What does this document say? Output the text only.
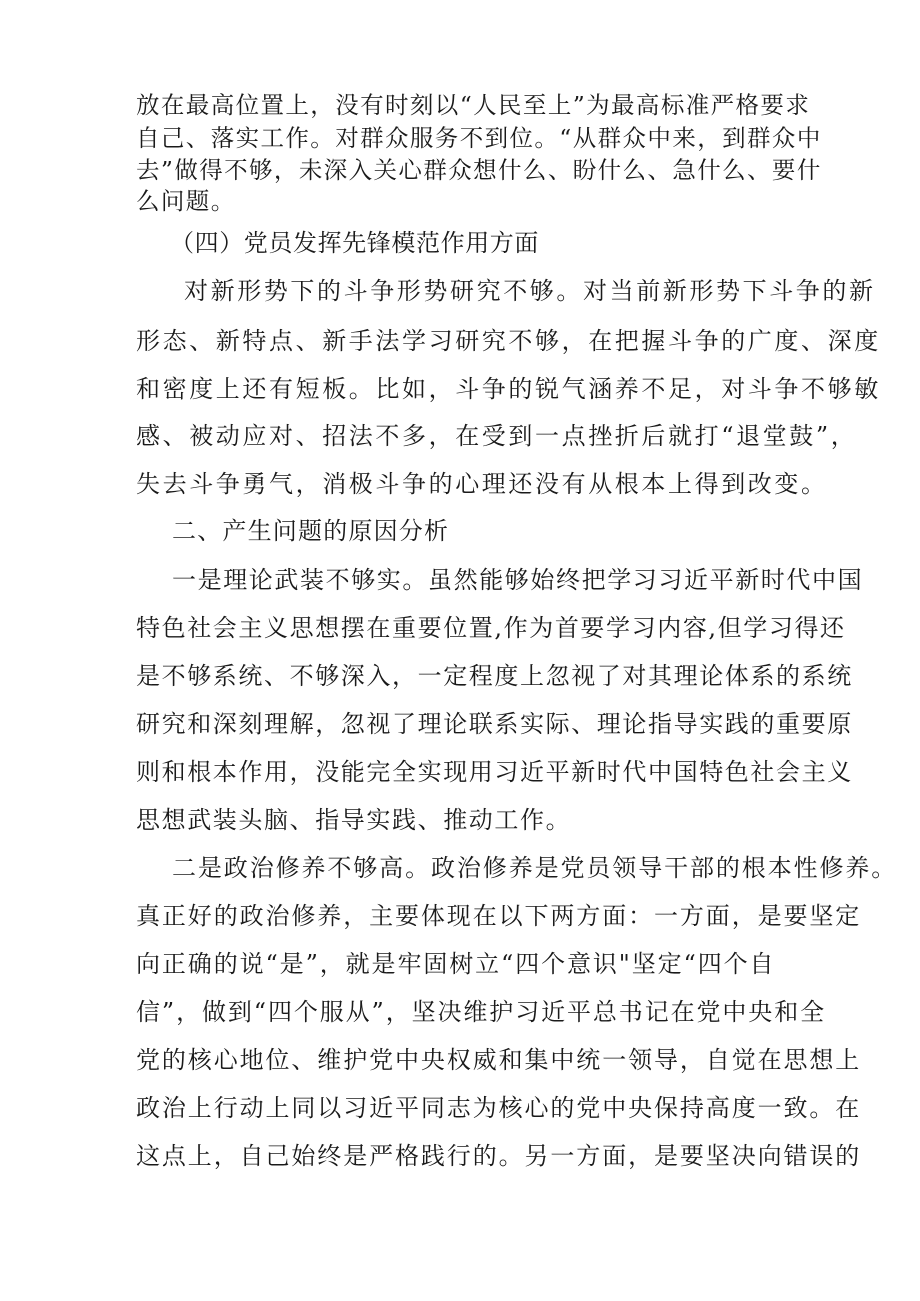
放在最高位置上，没有时刻以“人民至上”为最高标准严格要求
自己、落实工作。对群众服务不到位。“从群众中来，到群众中
去”做得不够，未深入关心群众想什么、盼什么、急什么、要什
么问题。
（四）党员发挥先锋模范作用方面
对新形势下的斗争形势研究不够。对当前新形势下斗争的新
形态、新特点、新手法学习研究不够，在把握斗争的广度、深度
和密度上还有短板。比如，斗争的锐气涵养不足，对斗争不够敏
感、被动应对、招法不多，在受到一点挫折后就打“退堂鼓”，
失去斗争勇气，消极斗争的心理还没有从根本上得到改变。
二、产生问题的原因分析
一是理论武装不够实。虽然能够始终把学习习近平新时代中国
特色社会主义思想摆在重要位置,作为首要学习内容,但学习得还
是不够系统、不够深入，一定程度上忽视了对其理论体系的系统
研究和深刻理解，忽视了理论联系实际、理论指导实践的重要原
则和根本作用，没能完全实现用习近平新时代中国特色社会主义
思想武装头脑、指导实践、推动工作。
二是政治修养不够高。政治修养是党员领导干部的根本性修养。
真正好的政治修养，主要体现在以下两方面：一方面，是要坚定
向正确的说“是”，就是牢固树立“四个意识"坚定“四个自
信”，做到“四个服从”，坚决维护习近平总书记在党中央和全
党的核心地位、维护党中央权威和集中统一领导，自觉在思想上
政治上行动上同以习近平同志为核心的党中央保持高度一致。在
这点上，自己始终是严格践行的。另一方面，是要坚决向错误的
